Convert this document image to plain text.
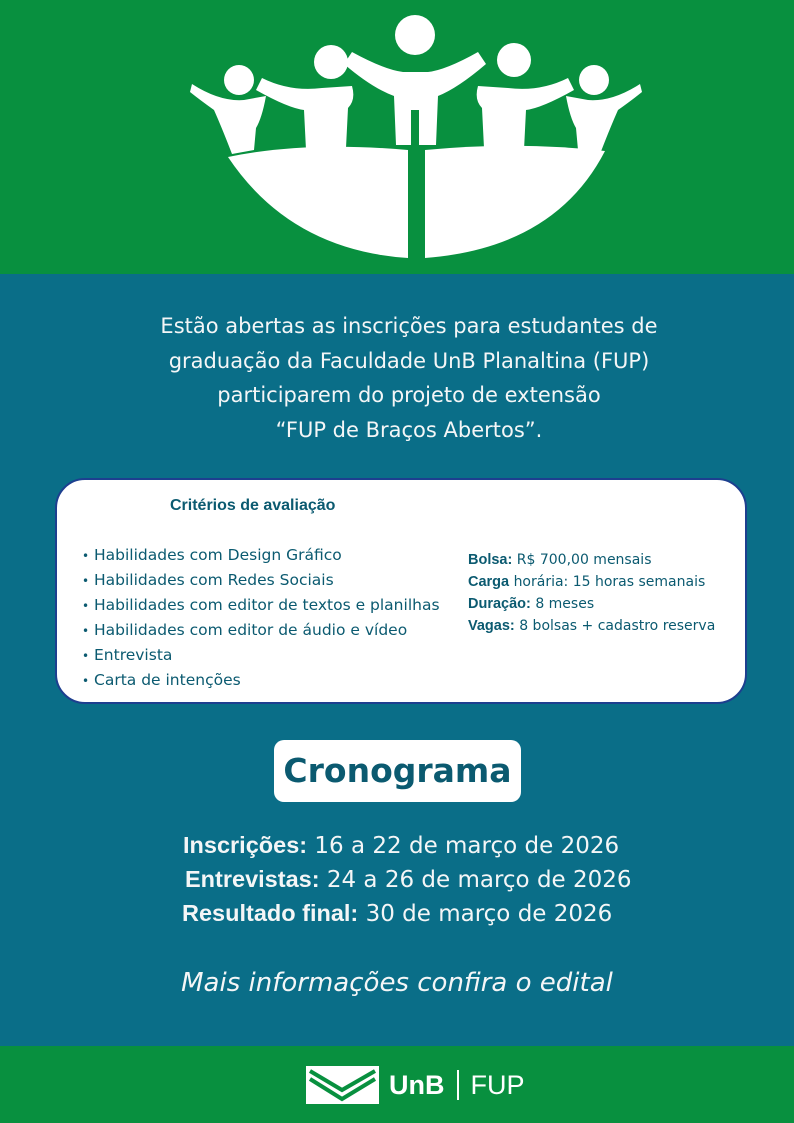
Estão abertas as inscrições para estudantes de
graduação da Faculdade UnB Planaltina (FUP)
participarem do projeto de extensão
“FUP de Braços Abertos”.
Critérios de avaliação
• Habilidades com Design Gráfico
• Habilidades com Redes Sociais
• Habilidades com editor de textos e planilhas
• Habilidades com editor de áudio e vídeo
• Entrevista
• Carta de intenções
Bolsa: R$ 700,00 mensais
Carga horária: 15 horas semanais
Duração: 8 meses
Vagas: 8 bolsas + cadastro reserva
Cronograma
Inscrições: 16 a 22 de março de 2026
Entrevistas: 24 a 26 de março de 2026
Resultado final: 30 de março de 2026
Mais informações confira o edital
UnB FUP
